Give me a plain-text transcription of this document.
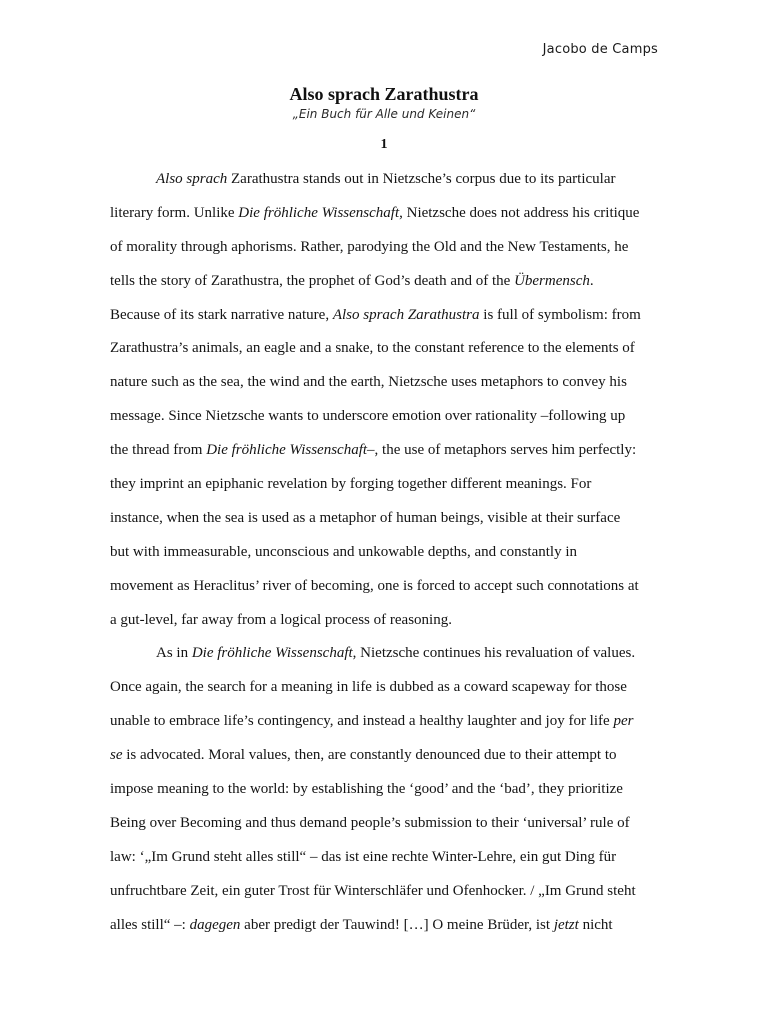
Jacobo de Camps
Also sprach Zarathustra
„Ein Buch für Alle und Keinen“
1
Also sprach Zarathustra stands out in Nietzsche’s corpus due to its particular
literary form. Unlike Die fröhliche Wissenschaft, Nietzsche does not address his critique
of morality through aphorisms. Rather, parodying the Old and the New Testaments, he
tells the story of Zarathustra, the prophet of God’s death and of the Übermensch.
Because of its stark narrative nature, Also sprach Zarathustra is full of symbolism: from
Zarathustra’s animals, an eagle and a snake, to the constant reference to the elements of
nature such as the sea, the wind and the earth, Nietzsche uses metaphors to convey his
message. Since Nietzsche wants to underscore emotion over rationality –following up
the thread from Die fröhliche Wissenschaft–, the use of metaphors serves him perfectly:
they imprint an epiphanic revelation by forging together different meanings. For
instance, when the sea is used as a metaphor of human beings, visible at their surface
but with immeasurable, unconscious and unkowable depths, and constantly in
movement as Heraclitus’ river of becoming, one is forced to accept such connotations at
a gut-level, far away from a logical process of reasoning.
As in Die fröhliche Wissenschaft, Nietzsche continues his revaluation of values.
Once again, the search for a meaning in life is dubbed as a coward scapeway for those
unable to embrace life’s contingency, and instead a healthy laughter and joy for life per
se is advocated. Moral values, then, are constantly denounced due to their attempt to
impose meaning to the world: by establishing the ‘good’ and the ‘bad’, they prioritize
Being over Becoming and thus demand people’s submission to their ‘universal’ rule of
law: ‘„Im Grund steht alles still“ – das ist eine rechte Winter-Lehre, ein gut Ding für
unfruchtbare Zeit, ein guter Trost für Winterschläfer und Ofenhocker. / „Im Grund steht
alles still“ –: dagegen aber predigt der Tauwind! […] O meine Brüder, ist jetzt nicht
